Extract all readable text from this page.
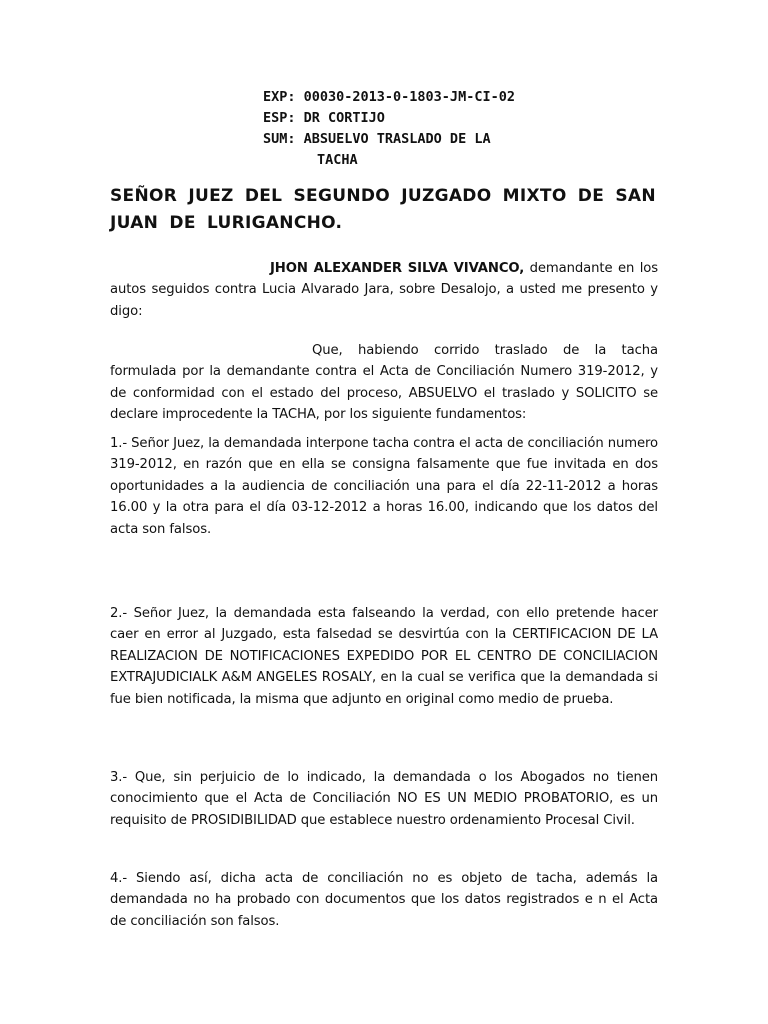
EXP: 00030-2013-0-1803-JM-CI-02
ESP: DR CORTIJO
SUM: ABSUELVO TRASLADO DE LA
TACHA
SEÑOR JUEZ DEL SEGUNDO JUZGADO MIXTO DE SAN JUAN DE LURIGANCHO.
JHON ALEXANDER SILVA VIVANCO, demandante en los autos seguidos contra Lucia Alvarado Jara, sobre Desalojo, a usted me presento y digo:
Que, habiendo corrido traslado de la tacha formulada por la demandante contra el Acta de Conciliación Numero 319-2012, y de conformidad con el estado del proceso, ABSUELVO el traslado y SOLICITO se declare improcedente la TACHA, por los siguiente fundamentos:
1.- Señor Juez, la demandada interpone tacha contra el acta de conciliación numero 319-2012, en razón que en ella se consigna falsamente que fue invitada en dos oportunidades a la audiencia de conciliación una para el día 22-11-2012 a horas 16.00 y la otra para el día 03-12-2012 a horas 16.00, indicando que los datos del acta son falsos.
2.- Señor Juez, la demandada esta falseando la verdad, con ello pretende hacer caer en error al Juzgado, esta falsedad se desvirtúa con la CERTIFICACION DE LA REALIZACION DE NOTIFICACIONES EXPEDIDO POR EL CENTRO DE CONCILIACION EXTRAJUDICIALK A&M ANGELES ROSALY, en la cual se verifica que la demandada si fue bien notificada, la misma que adjunto en original como medio de prueba.
3.- Que, sin perjuicio de lo indicado, la demandada o los Abogados no tienen conocimiento que el Acta de Conciliación NO ES UN MEDIO PROBATORIO, es un requisito de PROSIDIBILIDAD que establece nuestro ordenamiento Procesal Civil.
4.- Siendo así, dicha acta de conciliación no es objeto de tacha, además la demandada no ha probado con documentos que los datos registrados e n el Acta de conciliación son falsos.
